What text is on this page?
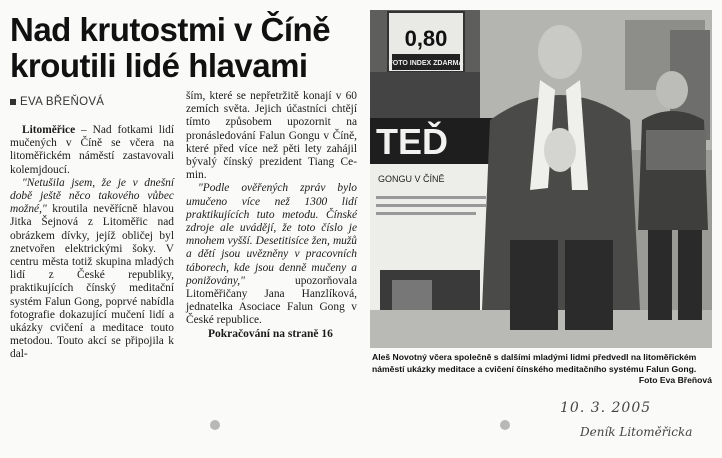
Nad krutostmi v Číně kroutili lidé hlavami
EVA BŘEŇOVÁ

Litoměřice – Nad fotkami lidí mučených v Číně se včera na litoměřickém náměstí zastavovali kolemjdoucí.

"Netušila jsem, že je v dnešní době ještě něco takového vůbec možné," kroutila nevěřícně hlavou Jitka Šejnová z Litoměřic nad obrázkem dívky, jejíž obličej byl znetvořen elektrickými šoky. V centru města totiž skupina mladých lidí z České republiky, praktikujících čínský meditační systém Falun Gong, poprvé nabídla fotografie dokazující mučení lidí a ukázky cvičení a meditace touto metodou. Touto akcí se připojila k dal-

ším, které se nepřetržitě konají v 60 zemích světa. Jejich účastníci chtějí tímto způsobem upozornit na pronásledování Falun Gongu v Číně, které před více než pěti lety zahájil bývalý čínský prezident Tiang Ce-min.

"Podle ověřených zpráv bylo umučeno více než 1300 lidí praktikujících tuto metodu. Čínské zdroje ale uvádějí, že toto číslo je mnohem vyšší. Desetitisíce žen, mužů a dětí jsou uvězněny v pracovních táborech, kde jsou denně mučeny a ponižovány," upozorňovala Litoměřičany Jana Hanzlíková, jednatelka Asociace Falun Gong v České republice.

Pokračování na straně 16

0,80
FOTO INDEX ZDARMA
TEĎ
GONGU V ČÍNĚ
Aleš Novotný včera společně s dalšími mladými lidmi předvedl na litoměřickém náměstí ukázky meditace a cvičení čínského meditačního systému Falun Gong.
Foto Eva Břeňová
10. 3. 2005
Deník Litoměřicka
